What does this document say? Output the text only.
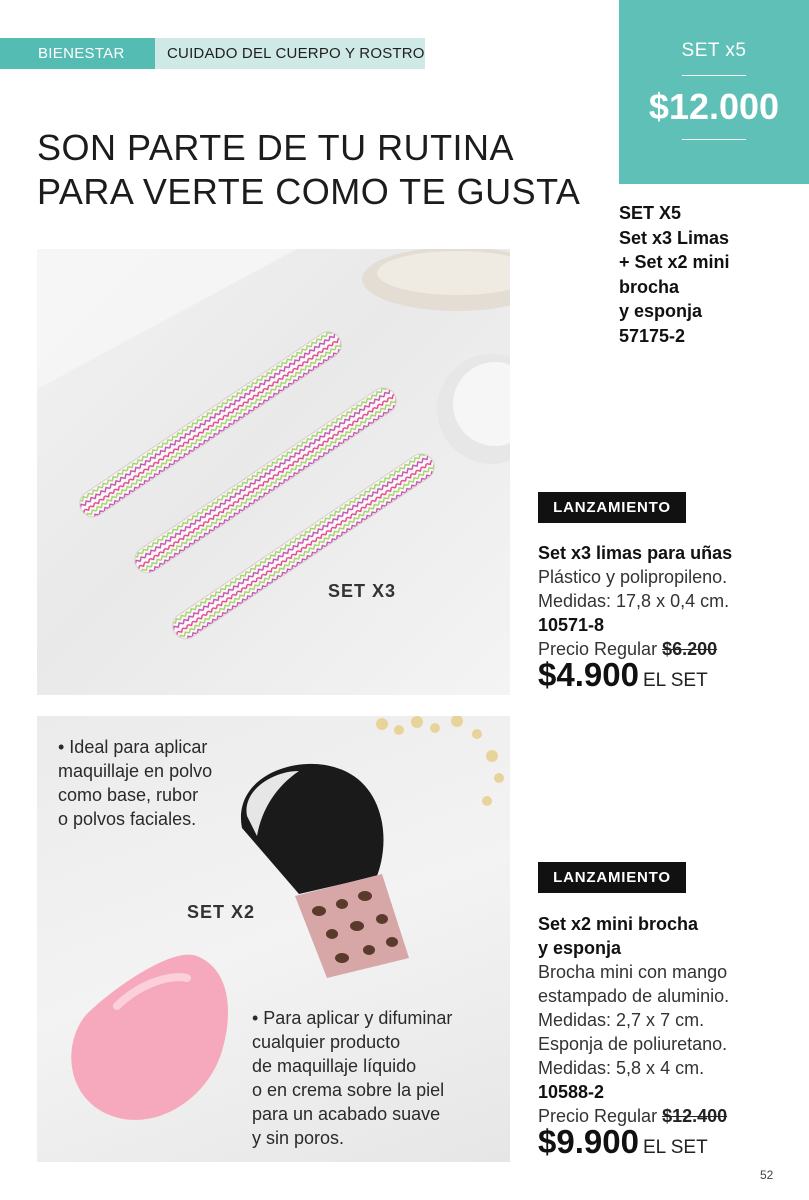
BIENESTAR	CUIDADO DEL CUERPO Y ROSTRO	SET x5
$12.000
SON PARTE DE TU RUTINA
PARA VERTE COMO TE GUSTA
SET X5
Set x3 Limas
+ Set x2 mini
brocha
y esponja
57175-2
SET X3
• Ideal para aplicar
maquillaje en polvo
como base, rubor
o polvos faciales.
SET X2
• Para aplicar y difuminar
cualquier producto
de maquillaje líquido
o en crema sobre la piel
para un acabado suave
y sin poros.
LANZAMIENTO
Set x3 limas para uñas
Plástico y polipropileno.
Medidas: 17,8 x 0,4 cm.
10571-8
Precio Regular $6.200
$4.900 EL SET
LANZAMIENTO
Set x2 mini brocha
y esponja
Brocha mini con mango
estampado de aluminio.
Medidas: 2,7 x 7 cm.
Esponja de poliuretano.
Medidas: 5,8 x 4 cm.
10588-2
Precio Regular $12.400
$9.900 EL SET
52
